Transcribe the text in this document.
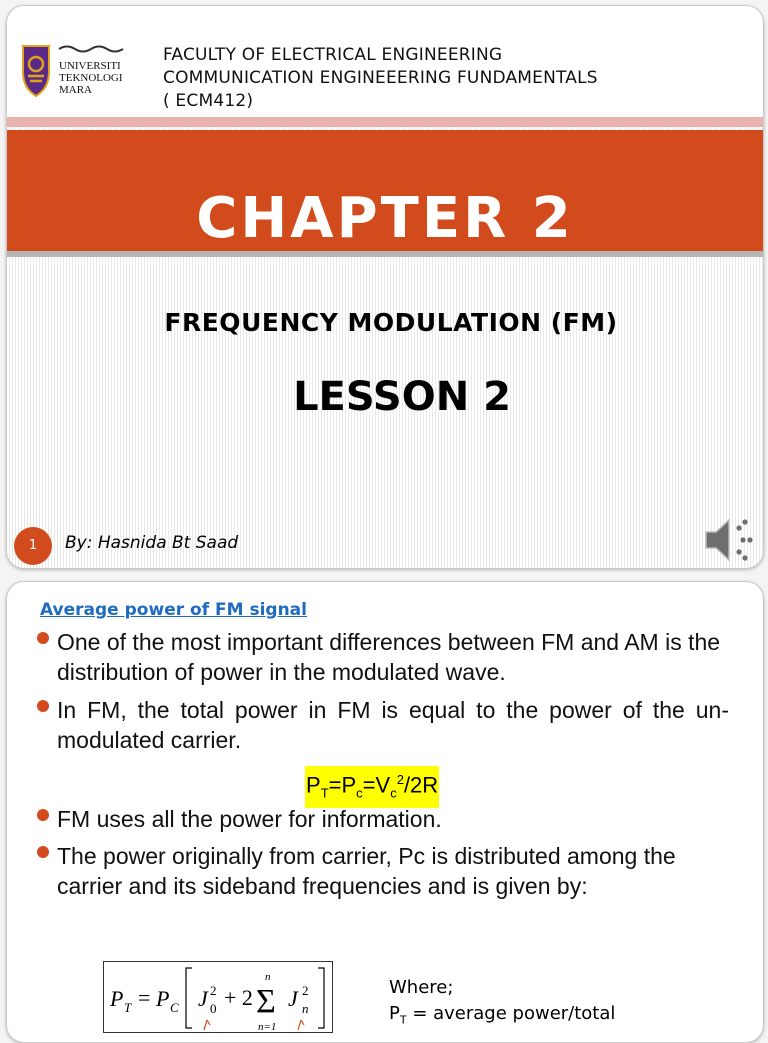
UNIVERSITI
TEKNOLOGI
MARA
FACULTY OF ELECTRICAL ENGINEERING
COMMUNICATION ENGINEEERING FUNDAMENTALS
( ECM412)
CHAPTER 2
FREQUENCY MODULATION (FM)
LESSON 2
1	By: Hasnida Bt Saad
Average power of FM signal
One of the most important differences between FM and AM is the distribution of power in the modulated wave.
In FM, the total power in FM is equal to the power of the un-modulated carrier.
$P_T=P_c=V_c^2/2R$
FM uses all the power for information.
The power originally from carrier, Pc is distributed among the carrier and its sideband frequencies and is given by:
P T = P C J 0
2 + 2 Σ
n
n=1
J n
2	Where;
$P_T$ = average power/total
